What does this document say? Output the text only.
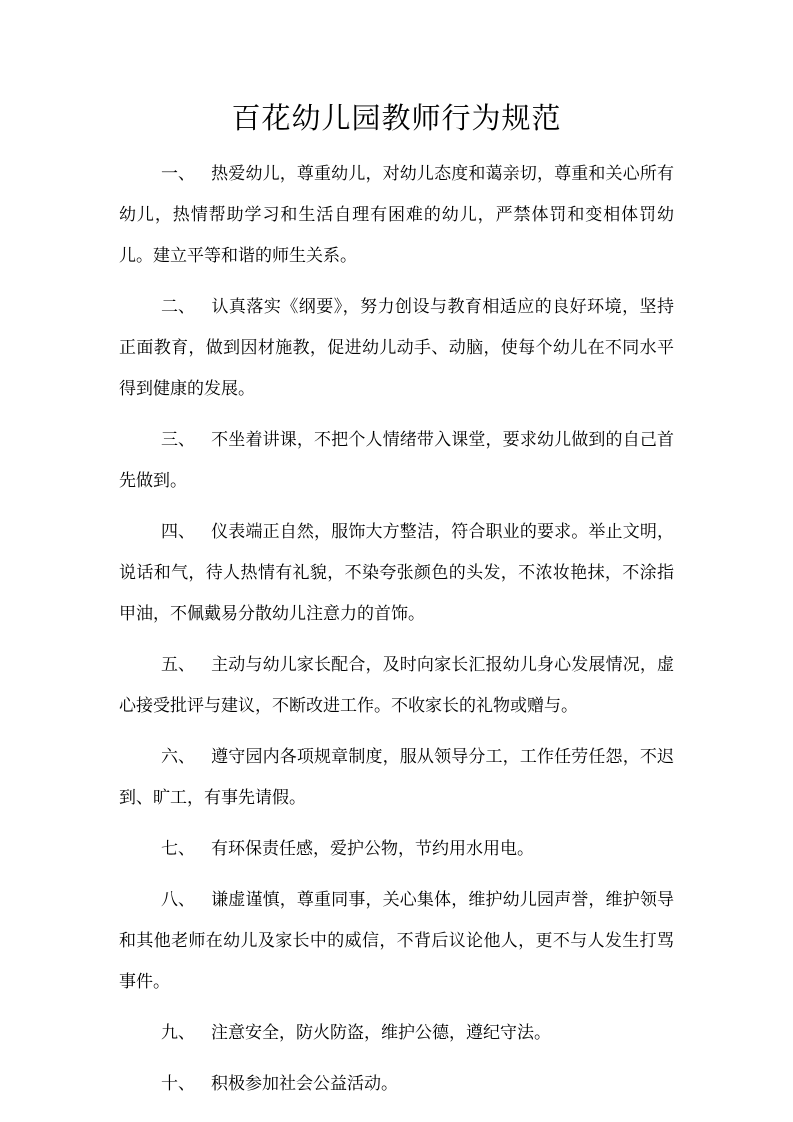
百花幼儿园教师行为规范

一、 热爱幼儿，尊重幼儿，对幼儿态度和蔼亲切，尊重和关心所有幼儿，热情帮助学习和生活自理有困难的幼儿，严禁体罚和变相体罚幼儿。建立平等和谐的师生关系。

二、 认真落实《纲要》，努力创设与教育相适应的良好环境，坚持正面教育，做到因材施教，促进幼儿动手、动脑，使每个幼儿在不同水平得到健康的发展。

三、 不坐着讲课，不把个人情绪带入课堂，要求幼儿做到的自己首先做到。

四、 仪表端正自然，服饰大方整洁，符合职业的要求。举止文明，说话和气，待人热情有礼貌，不染夸张颜色的头发，不浓妆艳抹，不涂指甲油，不佩戴易分散幼儿注意力的首饰。

五、 主动与幼儿家长配合，及时向家长汇报幼儿身心发展情况，虚心接受批评与建议，不断改进工作。不收家长的礼物或赠与。

六、 遵守园内各项规章制度，服从领导分工，工作任劳任怨，不迟到、旷工，有事先请假。

七、 有环保责任感，爱护公物，节约用水用电。

八、 谦虚谨慎，尊重同事，关心集体，维护幼儿园声誉，维护领导和其他老师在幼儿及家长中的威信，不背后议论他人，更不与人发生打骂事件。

九、 注意安全，防火防盗，维护公德，遵纪守法。

十、 积极参加社会公益活动。
